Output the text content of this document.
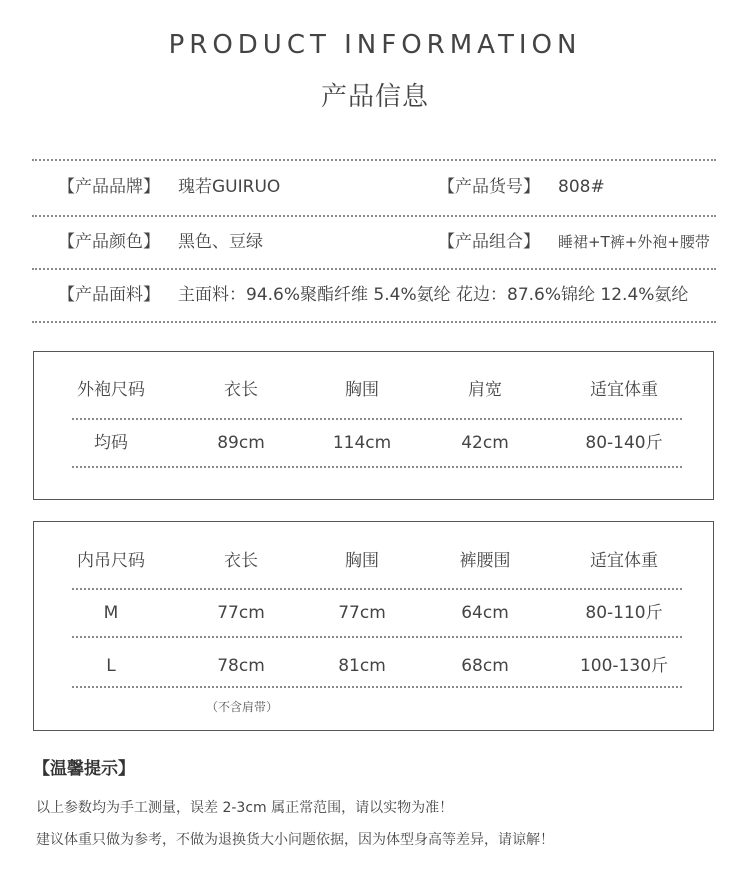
PRODUCT INFORMATION
产品信息
【产品品牌】 瑰若GUIRUO	【产品货号】 808#
【产品颜色】 黑色、豆绿	【产品组合】 睡裙+T裤+外袍+腰带
【产品面料】 主面料：94.6%聚酯纤维 5.4%氨纶 花边：87.6%锦纶 12.4%氨纶
外袍尺码	衣长	胸围	肩宽	适宜体重
均码	89cm	114cm	42cm	80-140斤
内吊尺码	衣长	胸围	裤腰围	适宜体重
M	77cm	77cm	64cm	80-110斤
L	78cm	81cm	68cm	100-130斤
（不含肩带）
【温馨提示】
以上参数均为手工测量，误差 2-3cm 属正常范围，请以实物为准！
建议体重只做为参考，不做为退换货大小问题依据，因为体型身高等差异，请谅解！
